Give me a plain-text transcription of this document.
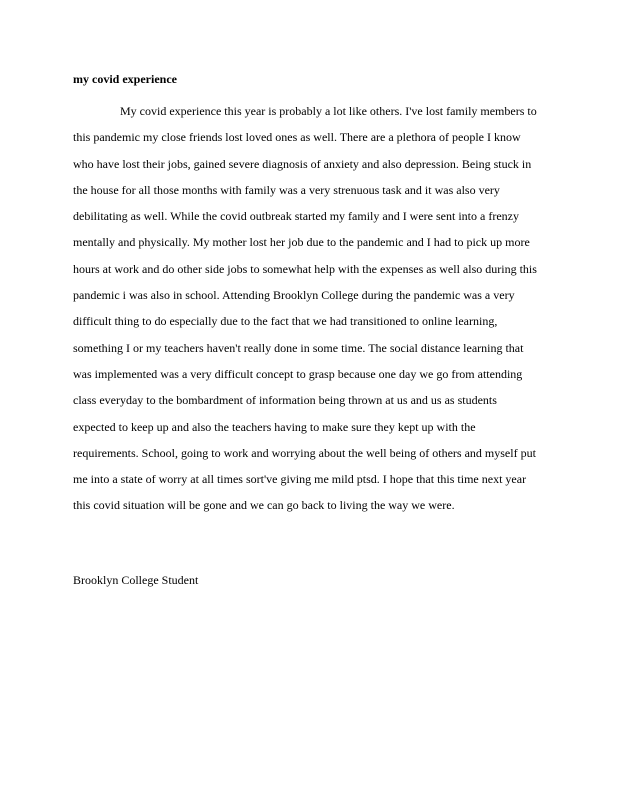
my covid experience
My covid experience this year is probably a lot like others. I've lost family members to
this pandemic my close friends lost loved ones as well. There are a plethora of people I know
who have lost their jobs, gained severe diagnosis of anxiety and also depression. Being stuck in
the house for all those months with family was a very strenuous task and it was also very
debilitating as well. While the covid outbreak started my family and I were sent into a frenzy
mentally and physically. My mother lost her job due to the pandemic and I had to pick up more
hours at work and do other side jobs to somewhat help with the expenses as well also during this
pandemic i was also in school. Attending Brooklyn College during the pandemic was a very
difficult thing to do especially due to the fact that we had transitioned to online learning,
something I or my teachers haven't really done in some time. The social distance learning that
was implemented was a very difficult concept to grasp because one day we go from attending
class everyday to the bombardment of information being thrown at us and us as students
expected to keep up and also the teachers having to make sure they kept up with the
requirements. School, going to work and worrying about the well being of others and myself put
me into a state of worry at all times sort've giving me mild ptsd. I hope that this time next year
this covid situation will be gone and we can go back to living the way we were.
Brooklyn College Student
